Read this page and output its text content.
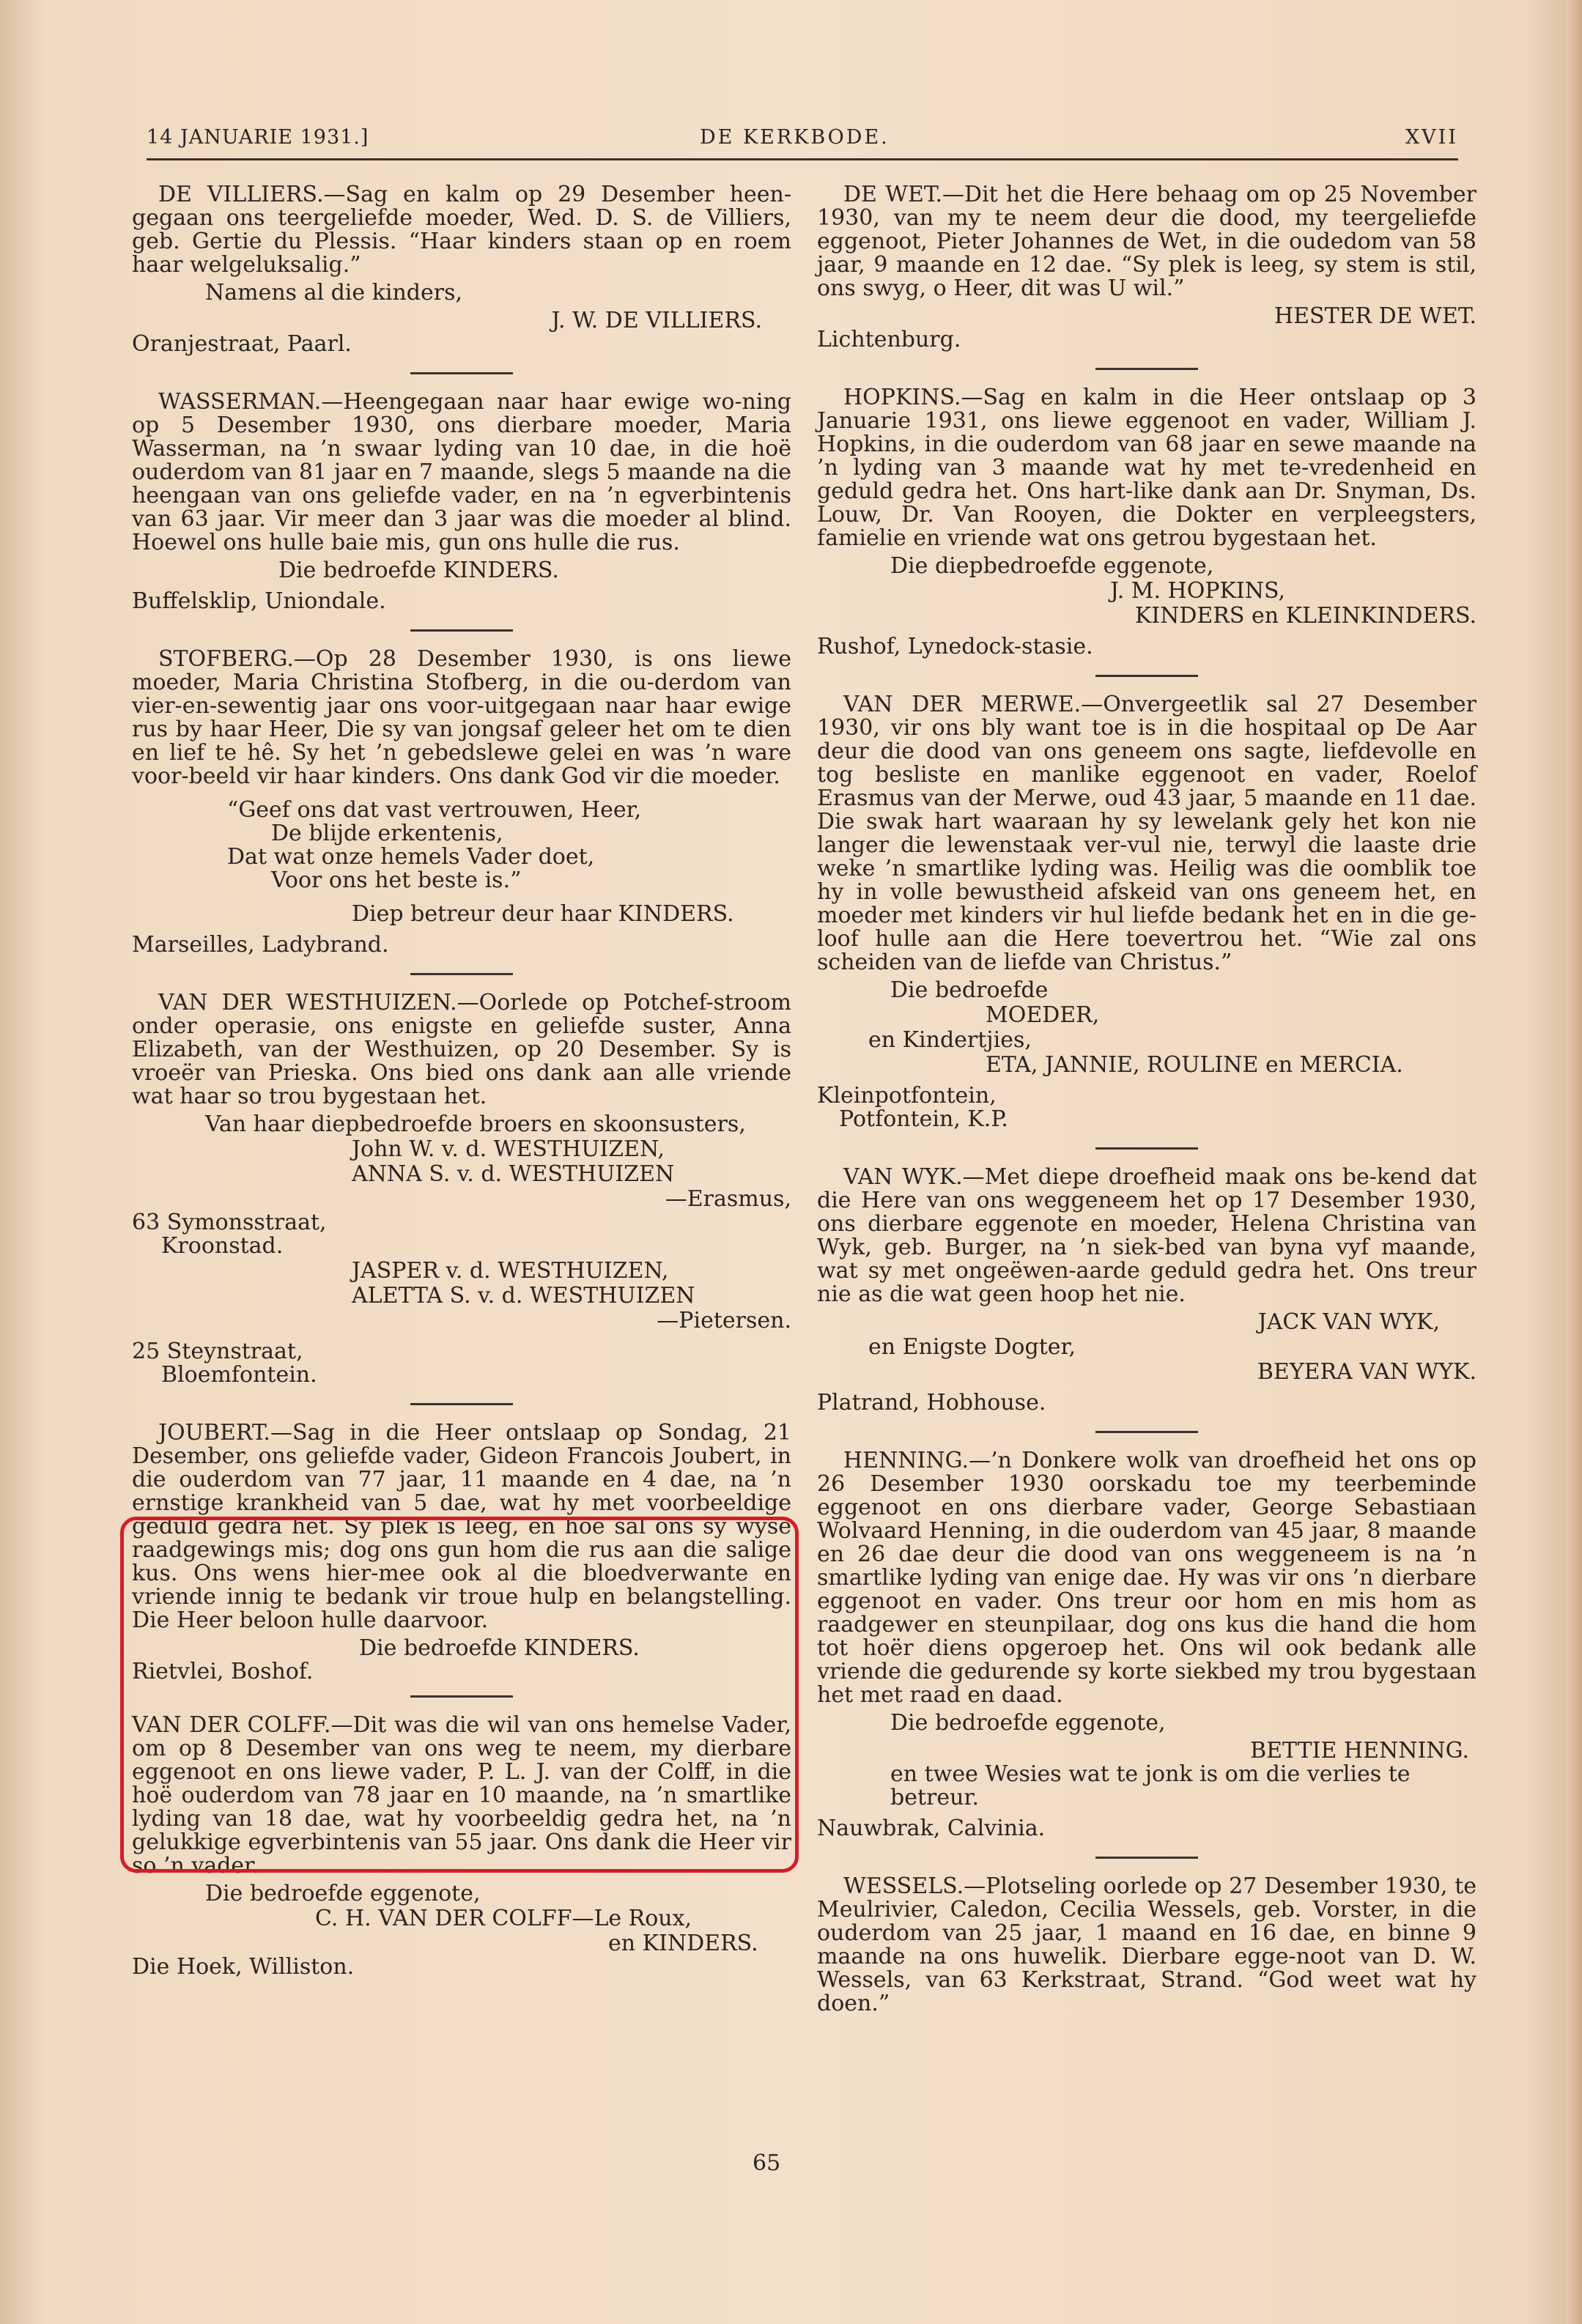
14 JANUARIE 1931.]	DE KERKBODE.	XVII

DE VILLIERS.—Sag en kalm op 29 Desember heen-gegaan ons teergeliefde moeder, Wed. D. S. de Villiers, geb. Gertie du Plessis. “Haar kinders staan op en roem haar welgeluksalig.”

Namens al die kinders,
J. W. DE VILLIERS.
Oranjestraat, Paarl.

WASSERMAN.—Heengegaan naar haar ewige wo-ning op 5 Desember 1930, ons dierbare moeder, Maria Wasserman, na ’n swaar lyding van 10 dae, in die hoë ouderdom van 81 jaar en 7 maande, slegs 5 maande na die heengaan van ons geliefde vader, en na ’n egverbintenis van 63 jaar. Vir meer dan 3 jaar was die moeder al blind. Hoewel ons hulle baie mis, gun ons hulle die rus.

Die bedroefde KINDERS.
Buffelsklip, Uniondale.

STOFBERG.—Op 28 Desember 1930, is ons liewe moeder, Maria Christina Stofberg, in die ou-derdom van vier-en-sewentig jaar ons voor-uitgegaan naar haar ewige rus by haar Heer, Die sy van jongsaf geleer het om te dien en lief te hê. Sy het ’n gebedslewe gelei en was ’n ware voor-beeld vir haar kinders. Ons dank God vir die moeder.

“Geef ons dat vast vertrouwen, Heer,
De blijde erkentenis,
Dat wat onze hemels Vader doet,
Voor ons het beste is.”
Diep betreur deur haar KINDERS.
Marseilles, Ladybrand.

VAN DER WESTHUIZEN.—Oorlede op Potchef-stroom onder operasie, ons enigste en geliefde suster, Anna Elizabeth, van der Westhuizen, op 20 Desember. Sy is vroeër van Prieska. Ons bied ons dank aan alle vriende wat haar so trou bygestaan het.

Van haar diepbedroefde broers en skoonsusters,
John W. v. d. WESTHUIZEN,
ANNA S. v. d. WESTHUIZEN
—Erasmus,
63 Symonsstraat,
Kroonstad.
JASPER v. d. WESTHUIZEN,
ALETTA S. v. d. WESTHUIZEN
—Pietersen.
25 Steynstraat,
Bloemfontein.

JOUBERT.—Sag in die Heer ontslaap op Sondag, 21 Desember, ons geliefde vader, Gideon Francois Joubert, in die ouderdom van 77 jaar, 11 maande en 4 dae, na ’n ernstige krankheid van 5 dae, wat hy met voorbeeldige geduld gedra het. Sy plek is leeg, en hoe sal ons sy wyse raadgewings mis; dog ons gun hom die rus aan die salige kus. Ons wens hier-mee ook al die bloedverwante en vriende innig te bedank vir troue hulp en belangstelling. Die Heer beloon hulle daarvoor.

Die bedroefde KINDERS.
Rietvlei, Boshof.

VAN DER COLFF.—Dit was die wil van ons hemelse Vader, om op 8 Desember van ons weg te neem, my dierbare eggenoot en ons liewe vader, P. L. J. van der Colff, in die hoë ouderdom van 78 jaar en 10 maande, na ’n smartlike lyding van 18 dae, wat hy voorbeeldig gedra het, na ’n gelukkige egverbintenis van 55 jaar. Ons dank die Heer vir so ’n vader.

Die bedroefde eggenote,
C. H. VAN DER COLFF—Le Roux,
en KINDERS.
Die Hoek, Williston.

DE WET.—Dit het die Here behaag om op 25 November 1930, van my te neem deur die dood, my teergeliefde eggenoot, Pieter Johannes de Wet, in die oudedom van 58 jaar, 9 maande en 12 dae. “Sy plek is leeg, sy stem is stil, ons swyg, o Heer, dit was U wil.”

HESTER DE WET.
Lichtenburg.

HOPKINS.—Sag en kalm in die Heer ontslaap op 3 Januarie 1931, ons liewe eggenoot en vader, William J. Hopkins, in die ouderdom van 68 jaar en sewe maande na ’n lyding van 3 maande wat hy met te-vredenheid en geduld gedra het. Ons hart-like dank aan Dr. Snyman, Ds. Louw, Dr. Van Rooyen, die Dokter en verpleegsters, famielie en vriende wat ons getrou bygestaan het.

Die diepbedroefde eggenote,
J. M. HOPKINS,
KINDERS en KLEINKINDERS.
Rushof, Lynedock-stasie.

VAN DER MERWE.—Onvergeetlik sal 27 Desember 1930, vir ons bly want toe is in die hospitaal op De Aar deur die dood van ons geneem ons sagte, liefdevolle en tog besliste en manlike eggenoot en vader, Roelof Erasmus van der Merwe, oud 43 jaar, 5 maande en 11 dae. Die swak hart waaraan hy sy lewelank gely het kon nie langer die lewenstaak ver-vul nie, terwyl die laaste drie weke ’n smartlike lyding was. Heilig was die oomblik toe hy in volle bewustheid afskeid van ons geneem het, en moeder met kinders vir hul liefde bedank het en in die ge-loof hulle aan die Here toevertrou het. “Wie zal ons scheiden van de liefde van Christus.”

Die bedroefde
MOEDER,
en Kindertjies,
ETA, JANNIE, ROULINE en MERCIA.
Kleinpotfontein,
Potfontein, K.P.

VAN WYK.—Met diepe droefheid maak ons be-kend dat die Here van ons weggeneem het op 17 Desember 1930, ons dierbare eggenote en moeder, Helena Christina van Wyk, geb. Burger, na ’n siek-bed van byna vyf maande, wat sy met ongeëwen-aarde geduld gedra het. Ons treur nie as die wat geen hoop het nie.

JACK VAN WYK,
en Enigste Dogter,
BEYERA VAN WYK.
Platrand, Hobhouse.

HENNING.—’n Donkere wolk van droefheid het ons op 26 Desember 1930 oorskadu toe my teerbeminde eggenoot en ons dierbare vader, George Sebastiaan Wolvaard Henning, in die ouderdom van 45 jaar, 8 maande en 26 dae deur die dood van ons weggeneem is na ’n smartlike lyding van enige dae. Hy was vir ons ’n dierbare eggenoot en vader. Ons treur oor hom en mis hom as raadgewer en steunpilaar, dog ons kus die hand die hom tot hoër diens opgeroep het. Ons wil ook bedank alle vriende die gedurende sy korte siekbed my trou bygestaan het met raad en daad.

Die bedroefde eggenote,
BETTIE HENNING.
en twee Wesies wat te jonk is om die verlies te betreur.
Nauwbrak, Calvinia.

WESSELS.—Plotseling oorlede op 27 Desember 1930, te Meulrivier, Caledon, Cecilia Wessels, geb. Vorster, in die ouderdom van 25 jaar, 1 maand en 16 dae, en binne 9 maande na ons huwelik. Dierbare egge-noot van D. W. Wessels, van 63 Kerkstraat, Strand. “God weet wat hy doen.”

65
